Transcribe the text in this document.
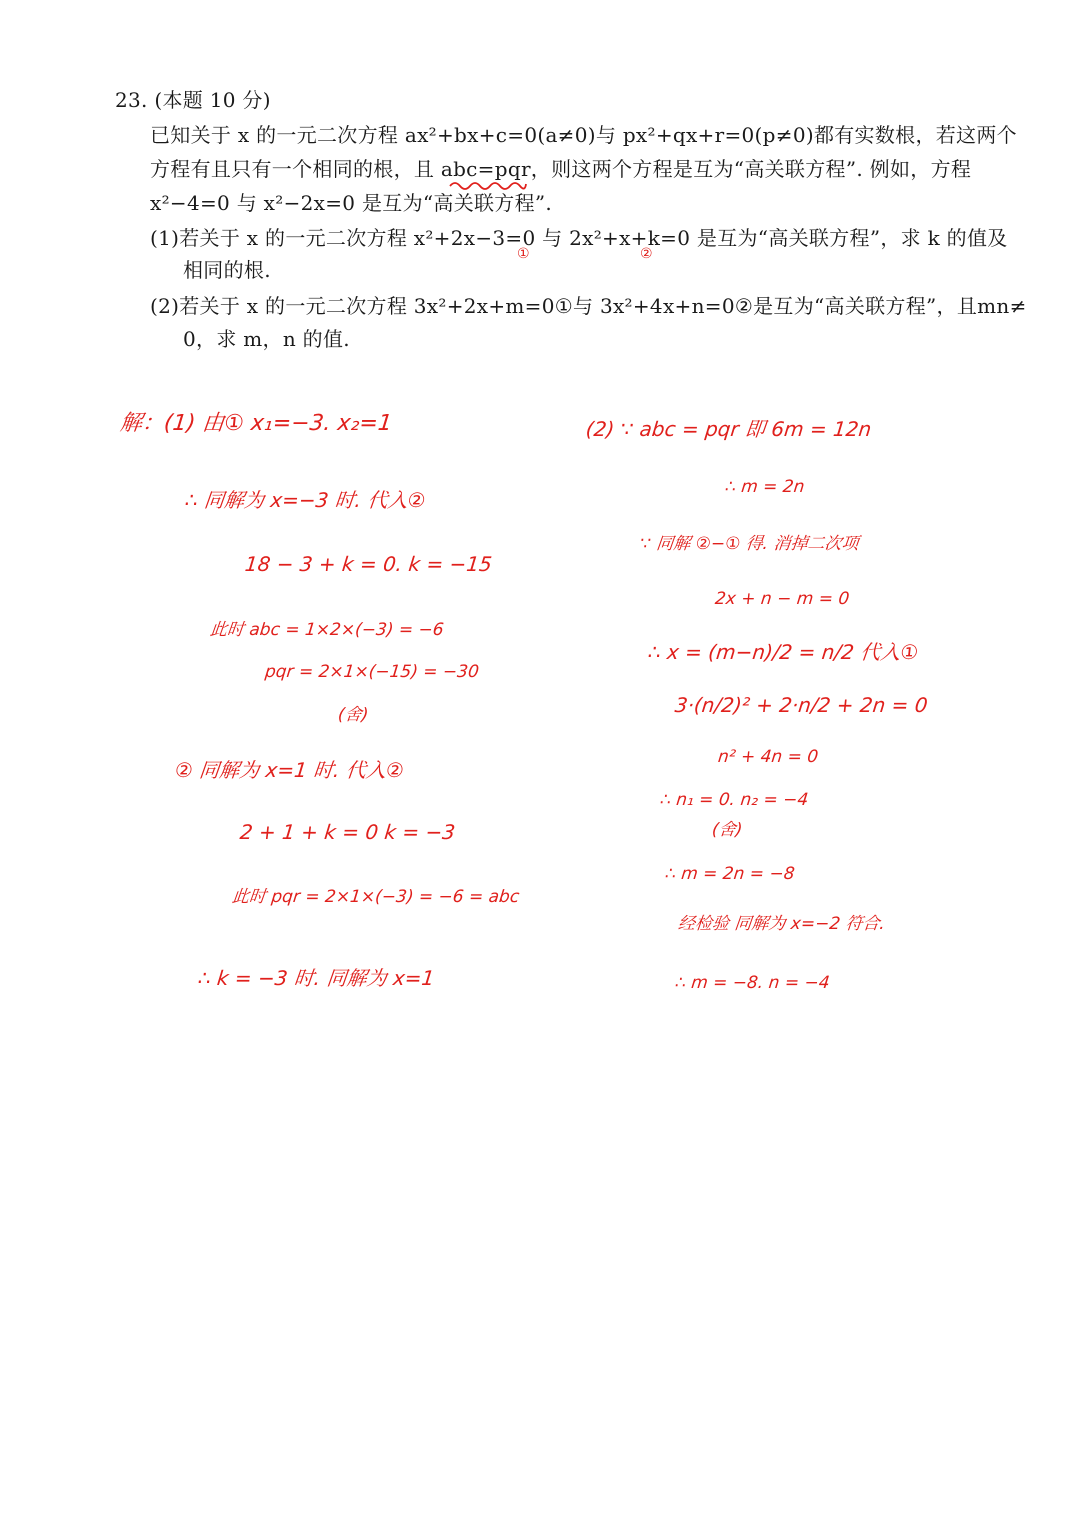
23. (本题 10 分)
已知关于 x 的一元二次方程 ax²+bx+c=0(a≠0)与 px²+qx+r=0(p≠0)都有实数根，若这两个
方程有且只有一个相同的根，且 abc=pqr，则这两个方程是互为“高关联方程”. 例如，方程
x²−4=0 与 x²−2x=0 是互为“高关联方程”.
(1)若关于 x 的一元二次方程 x²+2x−3=0 与 2x²+x+k=0 是互为“高关联方程”，求 k 的值及
相同的根.
(2)若关于 x 的一元二次方程 3x²+2x+m=0①与 3x²+4x+n=0②是互为“高关联方程”，且mn≠
0，求 m，n 的值.
①	②
解：(1) 由① x₁=−3. x₂=1
∴ 同解为 x=−3 时. 代入②
18 − 3 + k = 0. k = −15
此时 abc = 1×2×(−3) = −6
pqr = 2×1×(−15) = −30
(舍)
② 同解为 x=1 时. 代入②
2 + 1 + k = 0 k = −3
此时 pqr = 2×1×(−3) = −6 = abc
∴ k = −3 时. 同解为 x=1
(2) ∵ abc = pqr 即 6m = 12n
∴ m = 2n
∵ 同解 ②−① 得. 消掉二次项
2x + n − m = 0
∴ x = (m−n)/2 = n/2 代入①
3·(n/2)² + 2·n/2 + 2n = 0
n² + 4n = 0
∴ n₁ = 0. n₂ = −4
(舍)
∴ m = 2n = −8
经检验 同解为 x=−2 符合.
∴ m = −8. n = −4
